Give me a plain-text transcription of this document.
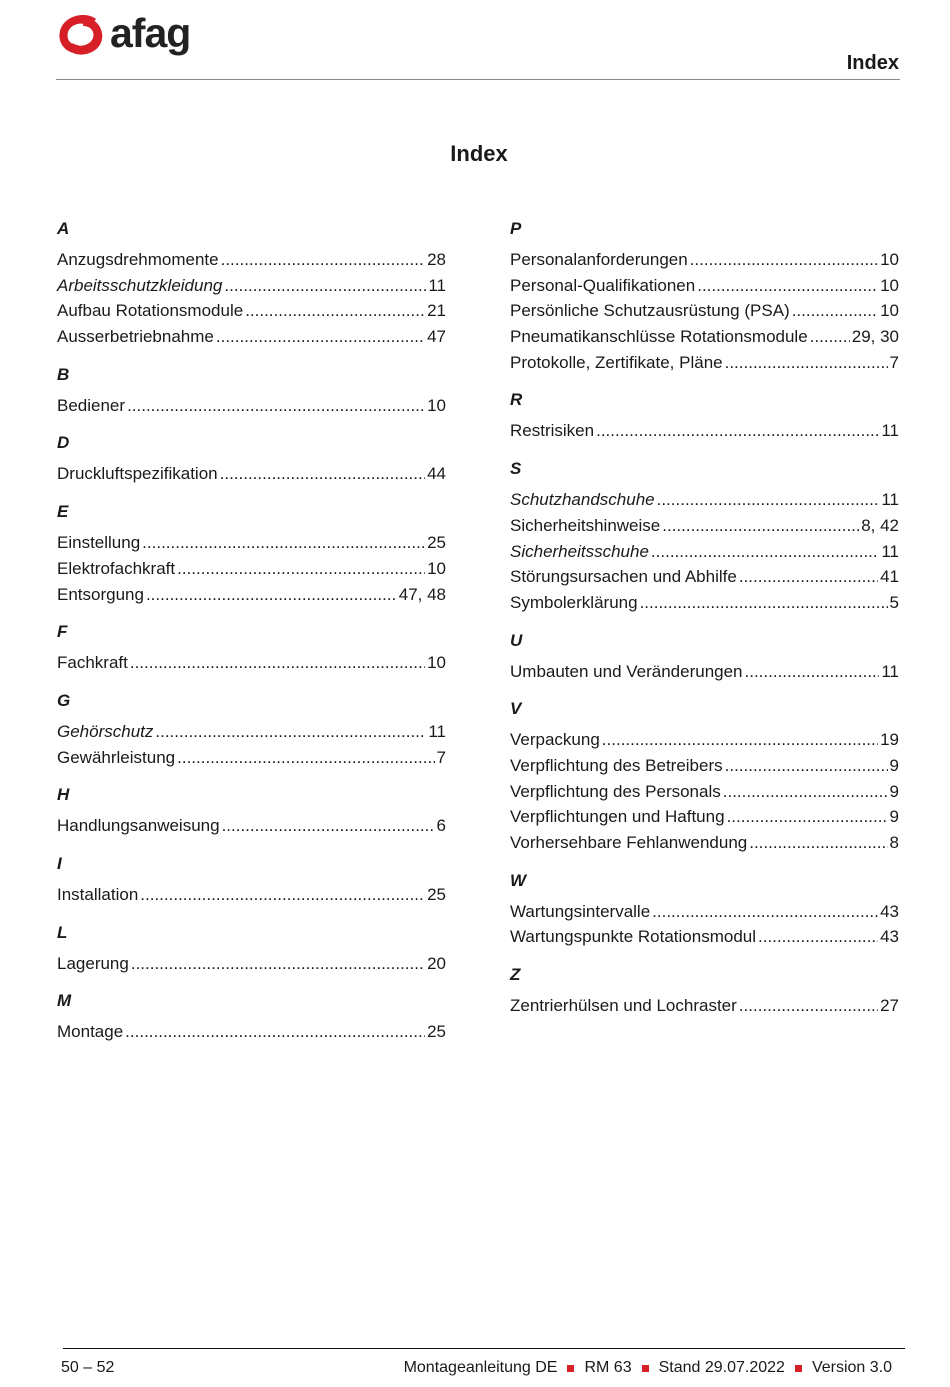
afag
Index
Index
A
Anzugsdrehmomente .....	28
Arbeitsschutzkleidung .....	11
Aufbau Rotationsmodule .....	21
Ausserbetriebnahme .....	47
B
Bediener .....	10
D
Druckluftspezifikation .....	44
E
Einstellung .....	25
Elektrofachkraft .....	10
Entsorgung .....	47, 48
F
Fachkraft .....	10
G
Gehörschutz .....	11
Gewährleistung .....	7
H
Handlungsanweisung .....	6
I
Installation .....	25
L
Lagerung .....	20
M
Montage .....	25
P
Personalanforderungen .....	10
Personal-Qualifikationen .....	10
Persönliche Schutzausrüstung (PSA) .....	10
Pneumatikanschlüsse Rotationsmodule .....	29, 30
Protokolle, Zertifikate, Pläne .....	7
R
Restrisiken .....	11
S
Schutzhandschuhe .....	11
Sicherheitshinweise .....	8, 42
Sicherheitsschuhe .....	11
Störungsursachen und Abhilfe .....	41
Symbolerklärung .....	5
U
Umbauten und Veränderungen .....	11
V
Verpackung .....	19
Verpflichtung des Betreibers .....	9
Verpflichtung des Personals .....	9
Verpflichtungen und Haftung .....	9
Vorhersehbare Fehlanwendung .....	8
W
Wartungsintervalle .....	43
Wartungspunkte Rotationsmodul .....	43
Z
Zentrierhülsen und Lochraster .....	27
50 – 52	Montageanleitung DE RM 63 Stand 29.07.2022 Version 3.0
